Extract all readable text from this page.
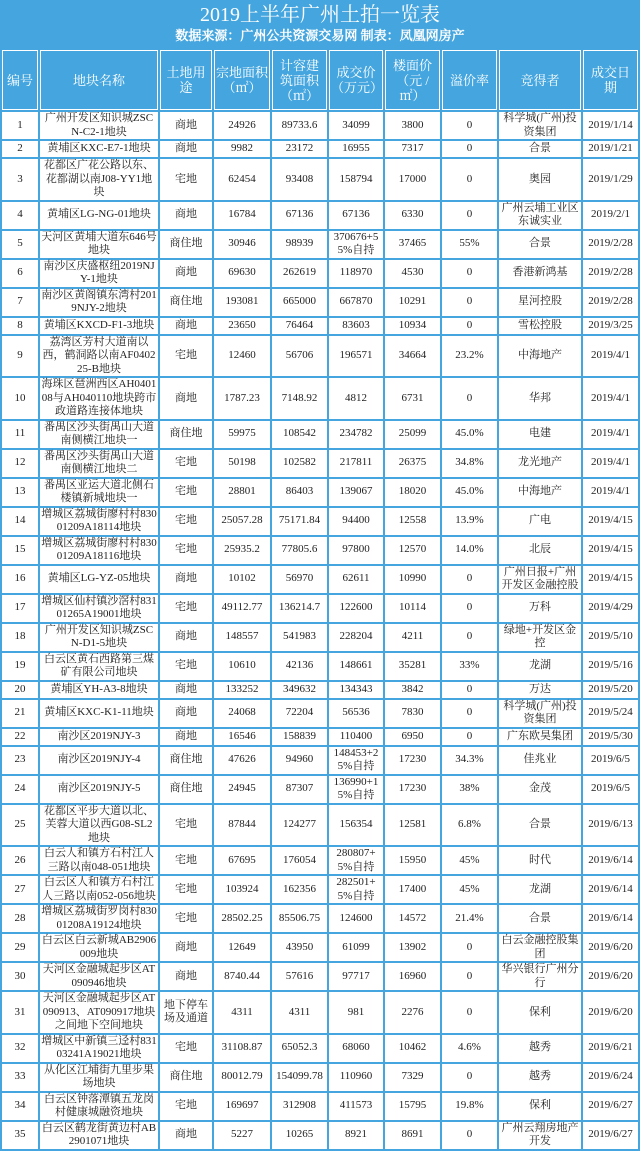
2019上半年广州土拍一览表
数据来源：广州公共资源交易网 制表：凤凰网房产
编号	地块名称	土地用途	宗地面积（㎡）	计容建筑面积（㎡）	成交价（万元）	楼面价（元 / ㎡）	溢价率	竞得者	成交日期
1	广州开发区知识城ZSCN-C2-1地块	商地	24926	89733.6	34099	3800	0	科学城(广州)投资集团	2019/1/14
2	黄埔区KXC-E7-1地块	商地	9982	23172	16955	7317	0	合景	2019/1/21
3	花都区广花公路以东、花都湖以南J08-YY1地块	宅地	62454	93408	158794	17000	0	奥园	2019/1/29
4	黄埔区LG-NG-01地块	商地	16784	67136	67136	6330	0	广州云埔工业区东诚实业	2019/2/1
5	天河区黄埔大道东646号地块	商住地	30946	98939	370676+55%自持	37465	55%	合景	2019/2/28
6	南沙区庆盛枢纽2019NJY-1地块	商地	69630	262619	118970	4530	0	香港新鸿基	2019/2/28
7	南沙区黄阁镇东湾村2019NJY-2地块	商住地	193081	665000	667870	10291	0	星河控股	2019/2/28
8	黄埔区KXCD-F1-3地块	商地	23650	76464	83603	10934	0	雪松控股	2019/3/25
9	荔湾区芳村大道南以西，鹤洞路以南AF040225-B地块	宅地	12460	56706	196571	34664	23.2%	中海地产	2019/4/1
10	海珠区琶洲西区AH040108与AH040110地块跨市政道路连接体地块	商地	1787.23	7148.92	4812	6731	0	华邦	2019/4/1
11	番禺区沙头街禺山大道南侧横江地块一	商住地	59975	108542	234782	25099	45.0%	电建	2019/4/1
12	番禺区沙头街禺山大道南侧横江地块二	宅地	50198	102582	217811	26375	34.8%	龙光地产	2019/4/1
13	番禺区亚运大道北侧石楼镇新城地块一	宅地	28801	86403	139067	18020	45.0%	中海地产	2019/4/1
14	增城区荔城街廖村村83001209A18114地块	宅地	25057.28	75171.84	94400	12558	13.9%	广电	2019/4/15
15	增城区荔城街廖村村83001209A18116地块	宅地	25935.2	77805.6	97800	12570	14.0%	北辰	2019/4/15
16	黄埔区LG-YZ-05地块	商地	10102	56970	62611	10990	0	广州日报+广州开发区金融控股	2019/4/15
17	增城区仙村镇沙滘村83101265A19001地块	宅地	49112.77	136214.7	122600	10114	0	万科	2019/4/29
18	广州开发区知识城ZSCN-D1-5地块	商地	148557	541983	228204	4211	0	绿地+开发区金控	2019/5/10
19	白云区黄石西路第三煤矿有限公司地块	宅地	10610	42136	148661	35281	33%	龙湖	2019/5/16
20	黄埔区YH-A3-8地块	商地	133252	349632	134343	3842	0	万达	2019/5/20
21	黄埔区KXC-K1-11地块	商地	24068	72204	56536	7830	0	科学城(广州)投资集团	2019/5/24
22	南沙区2019NJY-3	商地	16546	158839	110400	6950	0	广东欧昊集团	2019/5/30
23	南沙区2019NJY-4	商住地	47626	94960	148453+25%自持	17230	34.3%	佳兆业	2019/6/5
24	南沙区2019NJY-5	商住地	24945	87307	136990+15%自持	17230	38%	金茂	2019/6/5
25	花都区平步大道以北、芙蓉大道以西G08-SL2地块	宅地	87844	124277	156354	12581	6.8%	合景	2019/6/13
26	白云人和镇方石村江人三路以南048-051地块	宅地	67695	176054	280807+5%自持	15950	45%	时代	2019/6/14
27	白云区人和镇方石村江人三路以南052-056地块	宅地	103924	162356	282501+5%自持	17400	45%	龙湖	2019/6/14
28	增城区荔城街罗岗村83001208A19124地块	宅地	28502.25	85506.75	124600	14572	21.4%	合景	2019/6/14
29	白云区白云新城AB2906009地块	商地	12649	43950	61099	13902	0	白云金融控股集团	2019/6/20
30	天河区金融城起步区AT090946地块	商地	8740.44	57616	97717	16960	0	华兴银行广州分行	2019/6/20
31	天河区金融城起步区AT090913、AT090917地块之间地下空间地块	地下停车场及通道	4311	4311	981	2276	0	保利	2019/6/20
32	增城区中新镇三迳村83103241A19021地块	宅地	31108.87	65052.3	68060	10462	4.6%	越秀	2019/6/21
33	从化区江埔街九里步果场地块	商住地	80012.79	154099.78	110960	7329	0	越秀	2019/6/24
34	白云区钟落潭镇五龙岗村健康城融资地块	宅地	169697	312908	411573	15795	19.8%	保利	2019/6/27
35	白云区鹤龙街黄边村AB2901071地块	商地	5227	10265	8921	8691	0	广州云翔房地产开发	2019/6/27
